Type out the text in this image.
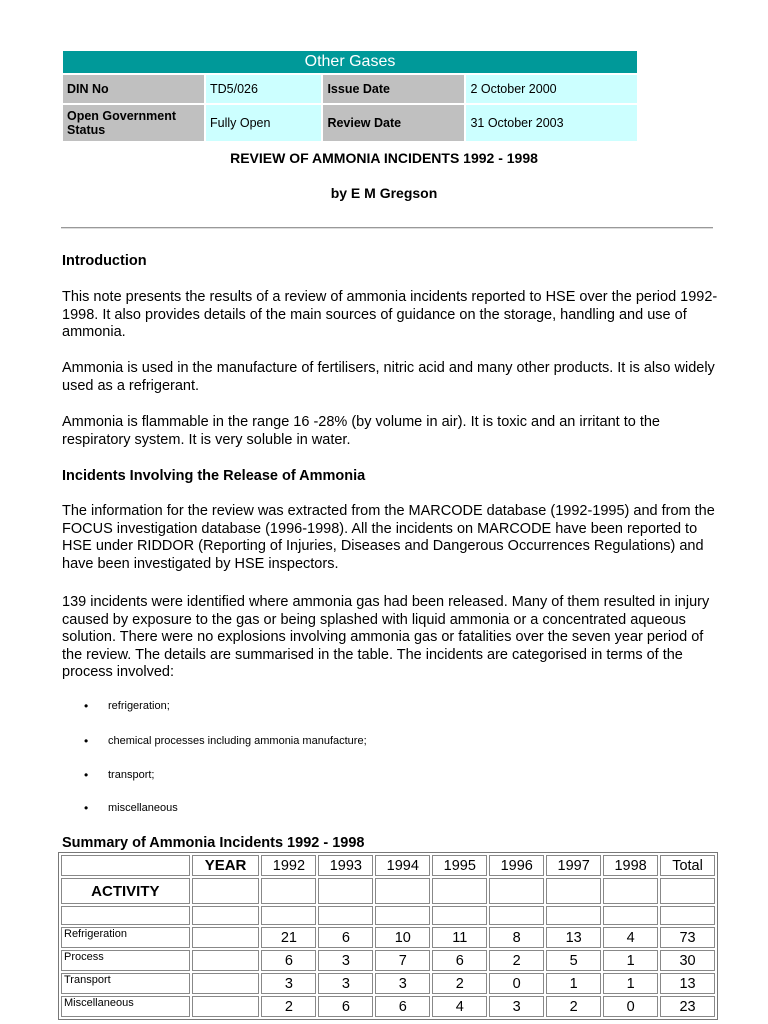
Other Gases			
DIN No	TD5/026	Issue Date	2 October 2000
Open Government Status	Fully Open	Review Date	31 October 2003
REVIEW OF AMMONIA INCIDENTS 1992 - 1998
by E M Gregson
Introduction

This note presents the results of a review of ammonia incidents reported to HSE over the period 1992-1998. It also provides details of the main sources of guidance on the storage, handling and use of ammonia.

Ammonia is used in the manufacture of fertilisers, nitric acid and many other products. It is also widely used as a refrigerant.

Ammonia is flammable in the range 16 -28% (by volume in air). It is toxic and an irritant to the respiratory system. It is very soluble in water.

Incidents Involving the Release of Ammonia

The information for the review was extracted from the MARCODE database (1992-1995) and from the FOCUS investigation database (1996-1998). All the incidents on MARCODE have been reported to HSE under RIDDOR (Reporting of Injuries, Diseases and Dangerous Occurrences Regulations) and have been investigated by HSE inspectors.

139 incidents were identified where ammonia gas had been released. Many of them resulted in injury caused by exposure to the gas or being splashed with liquid ammonia or a concentrated aqueous solution. There were no explosions involving ammonia gas or fatalities over the seven year period of the review. The details are summarised in the table. The incidents are categorised in terms of the process involved:

• refrigeration;
• chemical processes including ammonia manufacture;
• transport;
• miscellaneous
Summary of Ammonia Incidents 1992 - 1998
	YEAR	1992	1993	1994	1995	1996	1997	1998	Total
ACTIVITY									

Refrigeration		21	6	10	11	8	13	4	73
Process		6	3	7	6	2	5	1	30
Transport		3	3	3	2	0	1	1	13
Miscellaneous		2	6	6	4	3	2	0	23
